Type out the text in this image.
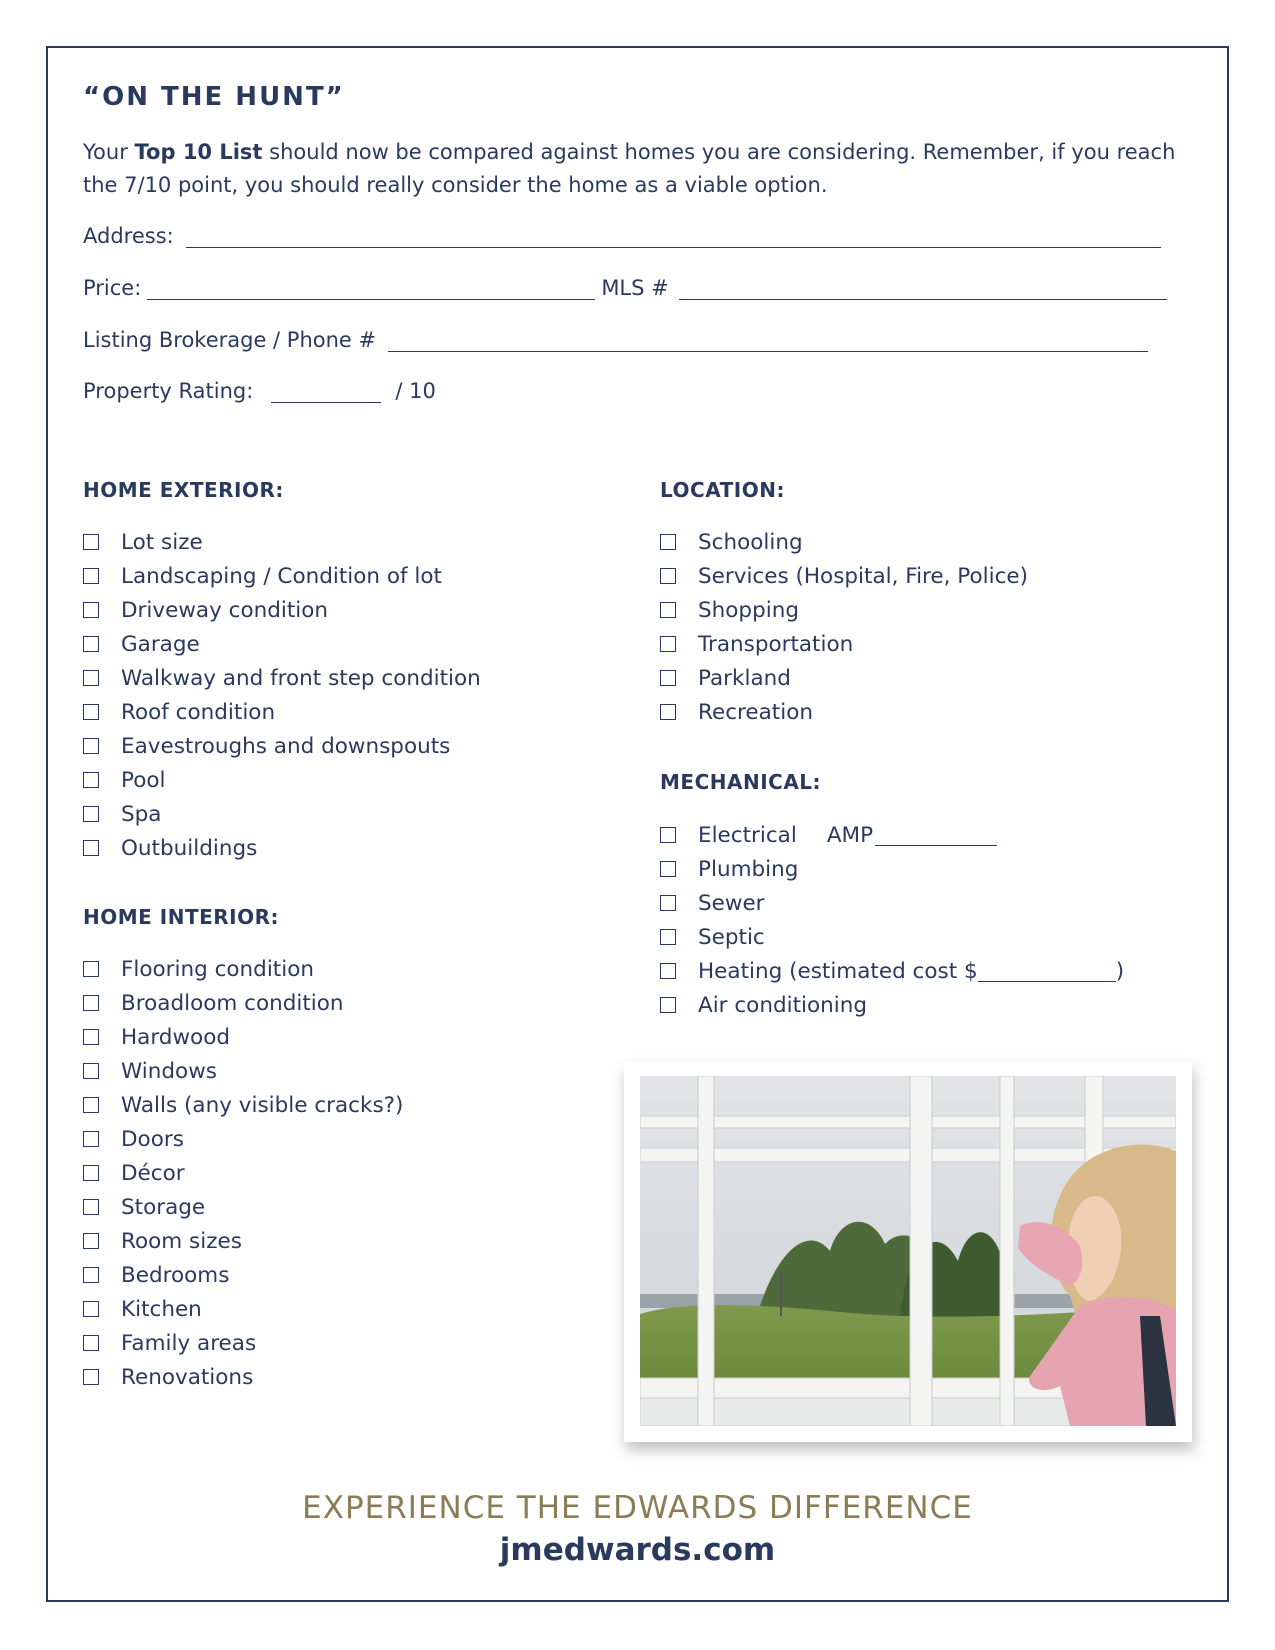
“ON THE HUNT”
Your Top 10 List should now be compared against homes you are considering. Remember, if you reach the 7/10 point, you should really consider the home as a viable option.
Address:
Price:	MLS #
Listing Brokerage / Phone #
Property Rating:	/ 10
HOME EXTERIOR:
Lot size
Landscaping / Condition of lot
Driveway condition
Garage
Walkway and front step condition
Roof condition
Eavestroughs and downspouts
Pool
Spa
Outbuildings
HOME INTERIOR:
Flooring condition
Broadloom condition
Hardwood
Windows
Walls (any visible cracks?)
Doors
Décor
Storage
Room sizes
Bedrooms
Kitchen
Family areas
Renovations
LOCATION:
Schooling
Services (Hospital, Fire, Police)
Shopping
Transportation
Parkland
Recreation
MECHANICAL:
Electrical AMP
Plumbing
Sewer
Septic
Heating (estimated cost $	)
Air conditioning
EXPERIENCE THE EDWARDS DIFFERENCE
jmedwards.com
